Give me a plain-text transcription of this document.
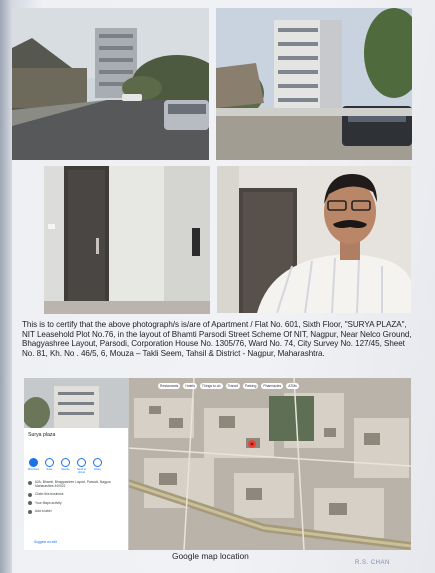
This is to certify that the above photograph/s is/are of Apartment / Flat No. 601, Sixth Floor, "SURYA PLAZA", NIT Leasehold Plot No.76, in the layout of Bhamti Parsodi Street Scheme Of NIT, Nagpur, Near Nelco Ground, Bhagyashree Layout, Parsodi, Corporation House No. 1305/76, Ward No. 74, City Survey No. 127/45, Sheet No. 81, Kh. No . 46/5, 6, Mouza – Takli Seem, Tahsil & District - Nagpur, Maharashtra.
Restaurants	Hotels	Things to do	Transit	Parking	Pharmacies	ATMs
Surya plaza
Directions	Save	Nearby	Send to phone
Share
62A, Bhamti, Bhagyashree Layout, Parsodi, Nagpur, Maharashtra 440022
Claim this business
Your Maps activity
Add a label
Suggest an edit
Google map location
R.S. CHAN
